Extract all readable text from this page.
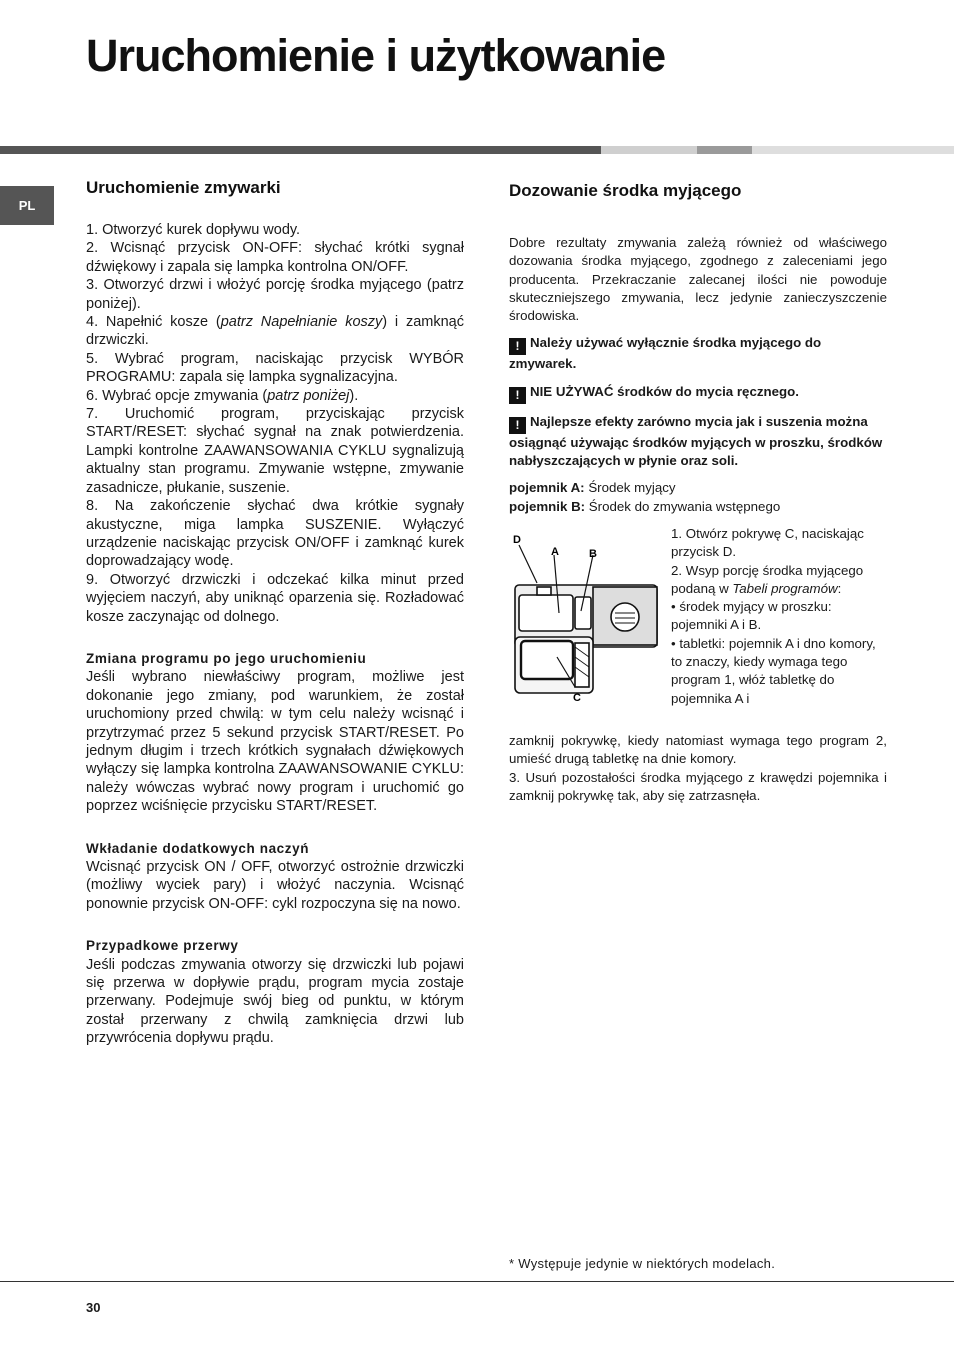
Uruchomienie i użytkowanie
PL
Uruchomienie zmywarki

1. Otworzyć kurek dopływu wody.

2. Wcisnąć przycisk ON-OFF: słychać krótki sygnał dźwiękowy i zapala się lampka kontrolna ON/OFF.

3. Otworzyć drzwi i włożyć porcję środka myjącego (patrz poniżej).

4. Napełnić kosze (patrz Napełnianie koszy) i zamknąć drzwiczki.

5. Wybrać program, naciskając przycisk WYBÓR PROGRAMU: zapala się lampka sygnalizacyjna.

6. Wybrać opcje zmywania (patrz poniżej).

7. Uruchomić program, przyciskając przycisk START/RESET: słychać sygnał na znak potwierdzenia. Lampki kontrolne ZAAWANSOWANIA CYKLU sygnalizują aktualny stan programu. Zmywanie wstępne, zmywanie zasadnicze, płukanie, suszenie.

8. Na zakończenie słychać dwa krótkie sygnały akustyczne, miga lampka SUSZENIE. Wyłączyć urządzenie naciskając przycisk ON/OFF i zamknąć kurek doprowadzający wodę.

9. Otworzyć drzwiczki i odczekać kilka minut przed wyjęciem naczyń, aby uniknąć oparzenia się. Rozładować kosze zaczynając od dolnego.

Zmiana programu po jego uruchomieniu

Jeśli wybrano niewłaściwy program, możliwe jest dokonanie jego zmiany, pod warunkiem, że został uruchomiony przed chwilą: w tym celu należy wcisnąć i przytrzymać przez 5 sekund przycisk START/RESET. Po jednym długim i trzech krótkich sygnałach dźwiękowych wyłączy się lampka kontrolna ZAAWANSOWANIE CYKLU: należy wówczas wybrać nowy program i uruchomić go poprzez wciśnięcie przycisku START/RESET.

Wkładanie dodatkowych naczyń

Wcisnąć przycisk ON / OFF, otworzyć ostrożnie drzwiczki (możliwy wyciek pary) i włożyć naczynia. Wcisnąć ponownie przycisk ON-OFF: cykl rozpoczyna się na nowo.

Przypadkowe przerwy

Jeśli podczas zmywania otworzy się drzwiczki lub pojawi się przerwa w dopływie prądu, program mycia zostaje przerwany. Podejmuje swój bieg od punktu, w którym został przerwany z chwilą zamknięcia drzwi lub przywrócenia dopływu prądu.

Dozowanie środka myjącego

Dobre rezultaty zmywania zależą również od właściwego dozowania środka myjącego, zgodnego z zaleceniami jego producenta. Przekraczanie zalecanej ilości nie powoduje skuteczniejszego zmywania, lecz jedynie zanieczyszczenie środowiska.

! Należy używać wyłącznie środka myjącego do zmywarek.

! NIE UŻYWAĆ środków do mycia ręcznego.

! Najlepsze efekty zarówno mycia jak i suszenia można osiągnąć używając środków myjących w proszku, środków nabłyszczających w płynie oraz soli.

pojemnik A: Środek myjący

pojemnik B: Środek do zmywania wstępnego

D
A	B
C

1. Otwórz pokrywę C, naciskając przycisk D.

2. Wsyp porcję środka myjącego podaną w Tabeli programów:

• środek myjący w proszku: pojemniki A i B.

• tabletki: pojemnik A i dno komory, to znaczy, kiedy wymaga tego program 1, włóż tabletkę do pojemnika A i

zamknij pokrywkę, kiedy natomiast wymaga tego program 2, umieść drugą tabletkę na dnie komory.

3. Usuń pozostałości środka myjącego z krawędzi pojemnika i zamknij pokrywkę tak, aby się zatrzasnęła.

* Występuje jedynie w niektórych modelach.
30
